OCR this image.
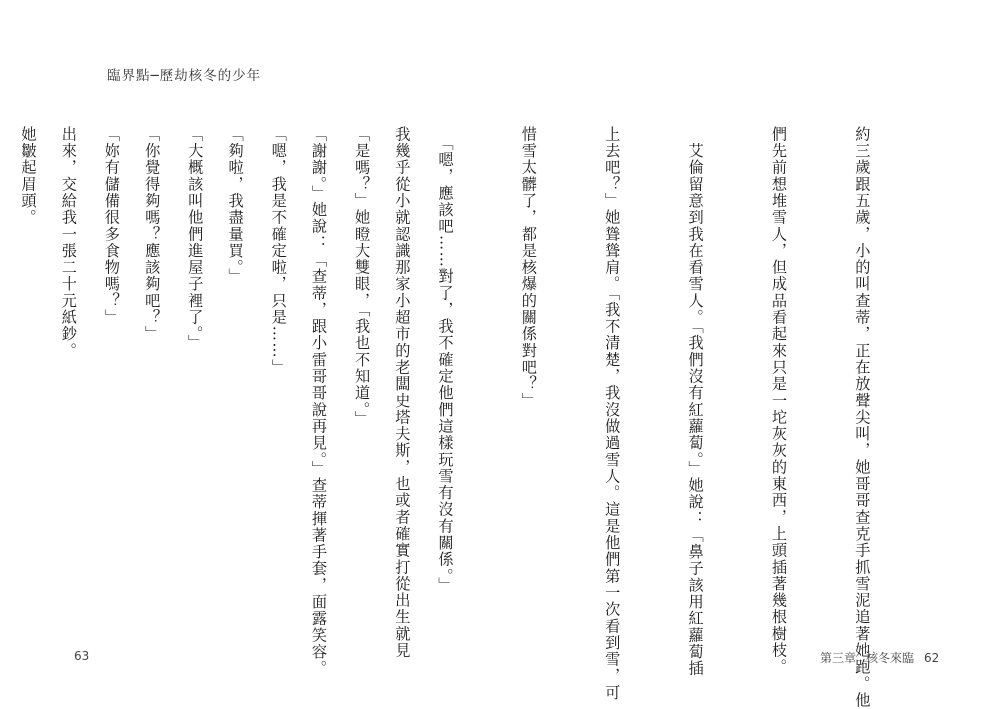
臨界點─歷劫核冬的少年

我幾乎從小就認識那家小超市的老闆史塔夫斯，也或者確實打從出生就見

「謝謝。」她說：「查蒂，跟小雷哥哥說再見。」查蒂揮著手套，面露笑容。

「夠啦，我盡量買。」

「你覺得夠嗎？應該夠吧？」

出來，交給我一張二十元紙鈔。

63

	約三歲跟五歲，小的叫查蒂，正在放聲尖叫，她哥哥查克手抓雪泥追著她跑。他

們先前想堆雪人，但成品看起來只是一坨灰灰的東西，上頭插著幾根樹枝。

　艾倫留意到我在看雪人。「我們沒有紅蘿蔔。」她說：「鼻子該用紅蘿蔔插

上去吧？」她聳聳肩。「我不清楚，我沒做過雪人。這是他們第一次看到雪，可

惜雪太髒了，都是核爆的關係對吧？」

　「嗯，應該吧……對了，我不確定他們這樣玩雪有沒有關係。」

「是嗎？」她瞪大雙眼，「我也不知道。」

「嗯，我是不確定啦，只是……」

「大概該叫他們進屋子裡了。」

「妳有儲備很多食物嗎？」

她皺起眉頭。

第三章 核冬來臨 62
